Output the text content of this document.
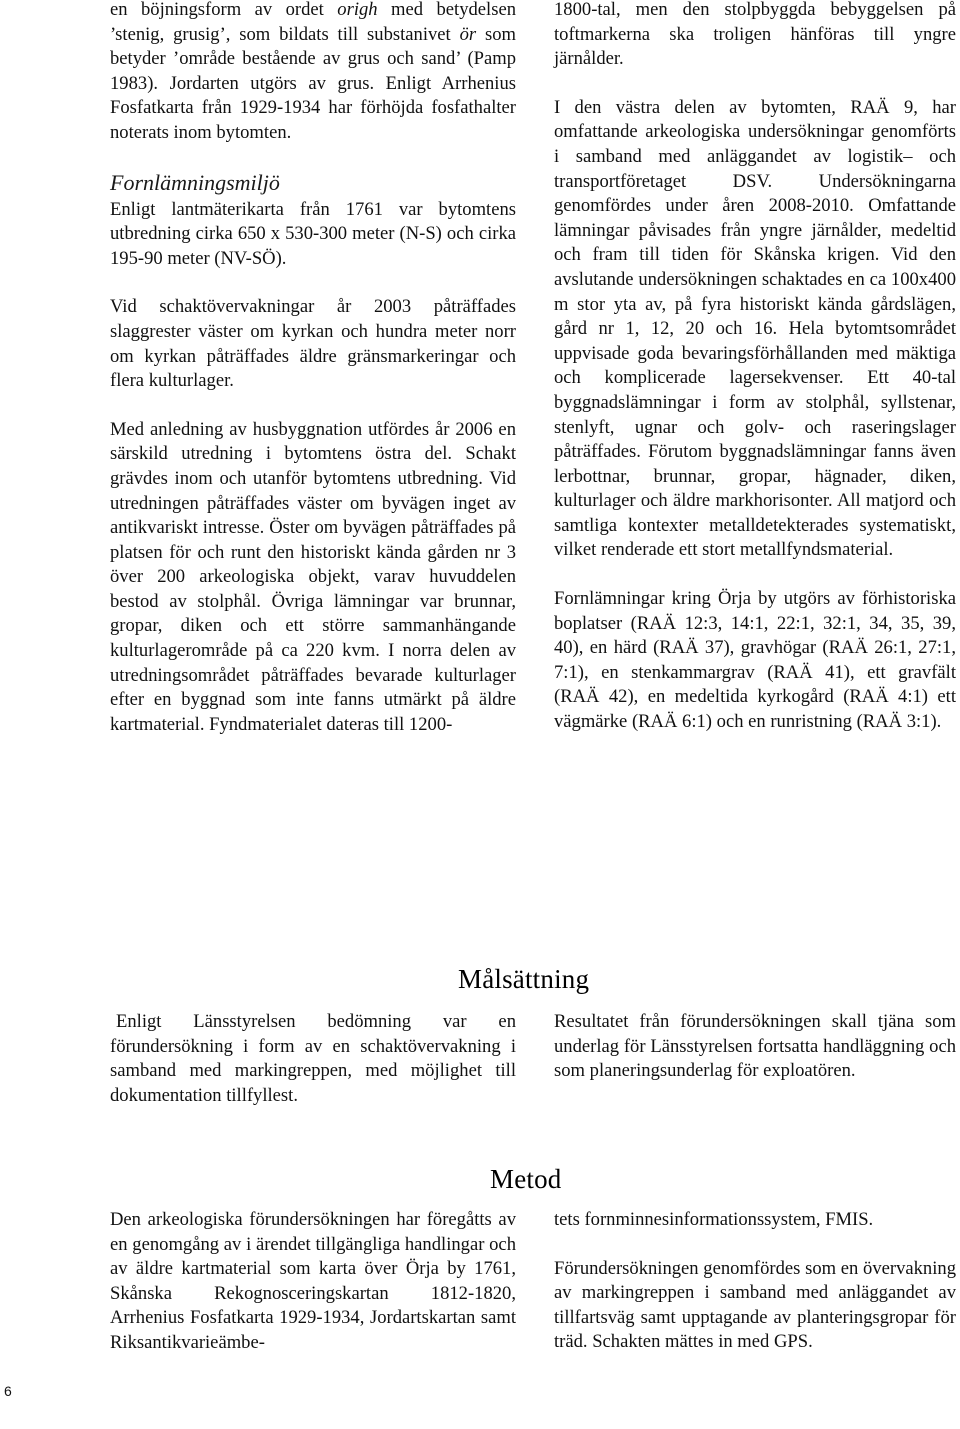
en böjningsform av ordet origh med betydelsen ’stenig, grusig’, som bildats till substanivet ör som betyder ’område bestående av grus och sand’ (Pamp 1983). Jordarten utgörs av grus. Enligt Arrhenius Fosfatkarta från 1929-1934 har förhöjda fosfathalter noterats inom bytomten.

Fornlämningsmiljö

Enligt lantmäterikarta från 1761 var bytomtens utbredning cirka 650 x 530-300 meter (N-S) och cirka 195-90 meter (NV-SÖ).

Vid schaktövervakningar år 2003 påträffades slaggrester väster om kyrkan och hundra meter norr om kyrkan påträffades äldre gränsmarkeringar och flera kulturlager.

Med anledning av husbyggnation utfördes år 2006 en särskild utredning i bytomtens östra del. Schakt grävdes inom och utanför bytomtens utbredning. Vid utredningen påträffades väster om byvägen inget av antikvariskt intresse. Öster om byvägen påträffades på platsen för och runt den historiskt kända gården nr 3 över 200 arkeologiska objekt, varav huvuddelen bestod av stolphål. Övriga lämningar var brunnar, gropar, diken och ett större sammanhängande kulturlagerområde på ca 220 kvm. I norra delen av utredningsområdet påträffades bevarade kulturlager efter en byggnad som inte fanns utmärkt på äldre kartmaterial. Fyndmaterialet dateras till 1200-

1800-tal, men den stolpbyggda bebyggelsen på toftmarkerna ska troligen hänföras till yngre järnålder.

I den västra delen av bytomten, RAÄ 9, har omfattande arkeologiska undersökningar genomförts i samband med anläggandet av logistik– och transportföretaget DSV. Undersökningarna genomfördes under åren 2008-2010. Omfattande lämningar påvisades från yngre järnålder, medeltid och fram till tiden för Skånska krigen. Vid den avslutande undersökningen schaktades en ca 100x400 m stor yta av, på fyra historiskt kända gårdslägen, gård nr 1, 12, 20 och 16. Hela bytomtsområdet uppvisade goda bevaringsförhållanden med mäktiga och komplicerade lagersekvenser. Ett 40-tal byggnadslämningar i form av stolphål, syllstenar, stenlyft, ugnar och golv- och raseringslager påträffades. Förutom byggnadslämningar fanns även lerbottnar, brunnar, gropar, hägnader, diken, kulturlager och äldre markhorisonter. All matjord och samtliga kontexter metalldetekterades systematiskt, vilket renderade ett stort metallfyndsmaterial.

Fornlämningar kring Örja by utgörs av förhistoriska boplatser (RAÄ 12:3, 14:1, 22:1, 32:1, 34, 35, 39, 40), en härd (RAÄ 37), gravhögar (RAÄ 26:1, 27:1, 7:1), en stenkammargrav (RAÄ 41), ett gravfält (RAÄ 42), en medeltida kyrkogård (RAÄ 4:1) ett vägmärke (RAÄ 6:1) och en runristning (RAÄ 3:1).

Målsättning

Enligt Länsstyrelsen bedömning var en förundersökning i form av en schaktövervakning i samband med markingreppen, med möjlighet till dokumentation tillfyllest.

Resultatet från förundersökningen skall tjäna som underlag för Länsstyrelsen fortsatta handläggning och som planeringsunderlag för exploatören.

Metod

Den arkeologiska förundersökningen har föregåtts av en genomgång av i ärendet tillgängliga handlingar och av äldre kartmaterial som karta över Örja by 1761, Skånska Rekognosceringskartan 1812-1820, Arrhenius Fosfatkarta 1929-1934, Jordartskartan samt Riksantikvarieämbe-

tets fornminnesinformationssystem, FMIS.

Förundersökningen genomfördes som en övervakning av markingreppen i samband med anläggandet av tillfartsväg samt upptagande av planteringsgropar för träd. Schakten mättes in med GPS.

6
